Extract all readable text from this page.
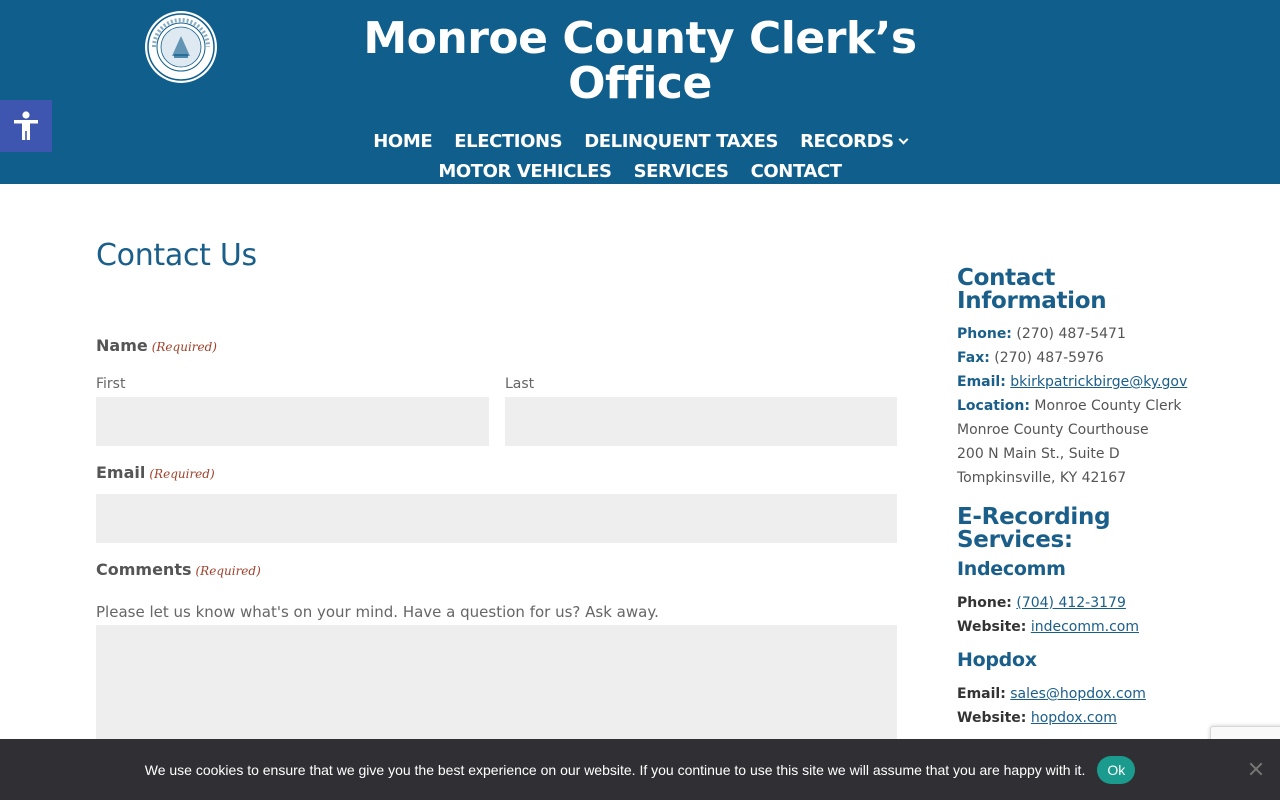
Monroe County Clerk’s
Office
HOME ELECTIONS DELINQUENT TAXES RECORDS
MOTOR VEHICLES SERVICES CONTACT
Contact Us
Name (Required)
First	Last
Email (Required)
Comments (Required)
Please let us know what's on your mind. Have a question for us? Ask away.
Contact
Information
Phone: (270) 487-5471
Fax: (270) 487-5976
Email: bkirkpatrickbirge@ky.gov
Location: Monroe County Clerk
Monroe County Courthouse
200 N Main St., Suite D
Tompkinsville, KY 42167
E-Recording
Services:
Indecomm
Phone: (704) 412-3179
Website: indecomm.com
Hopdox
Email: sales@hopdox.com
Website: hopdox.com
We use cookies to ensure that we give you the best experience on our website. If you continue to use this site we will assume that you are happy with it.	Ok
